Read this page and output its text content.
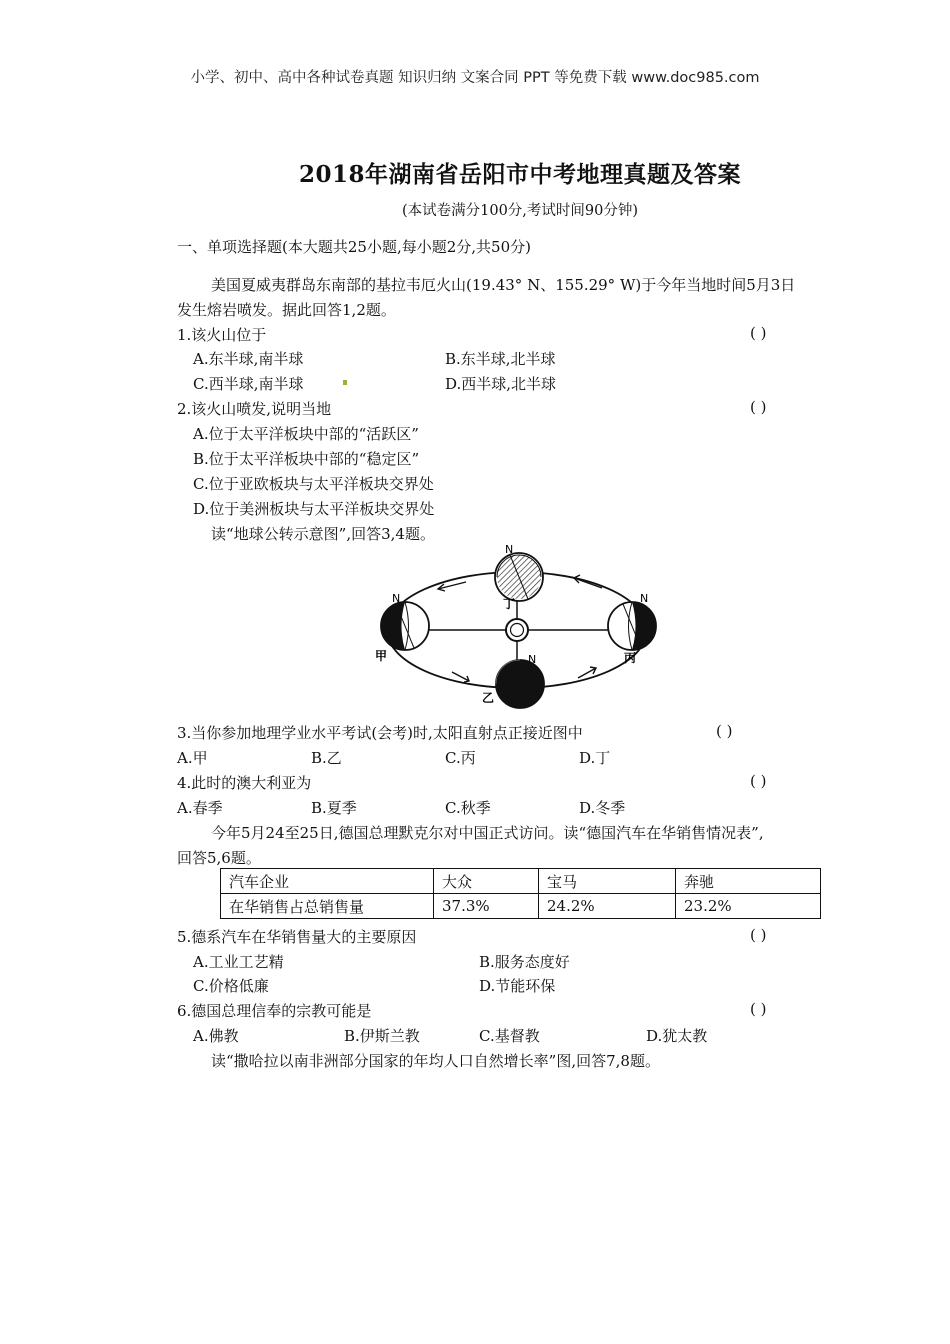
小学、初中、高中各种试卷真题 知识归纳 文案合同 PPT 等免费下载 www.doc985.com
2018年湖南省岳阳市中考地理真题及答案
(本试卷满分100分,考试时间90分钟)
一、单项选择题(本大题共25小题,每小题2分,共50分)
美国夏威夷群岛东南部的基拉韦厄火山(19.43° N、155.29° W)于今年当地时间5月3日
发生熔岩喷发。据此回答1,2题。
1.该火山位于	( )
A.东半球,南半球	B.东半球,北半球
C.西半球,南半球	D.西半球,北半球
2.该火山喷发,说明当地	( )
A.位于太平洋板块中部的“活跃区”
B.位于太平洋板块中部的“稳定区”
C.位于亚欧板块与太平洋板块交界处
D.位于美洲板块与太平洋板块交界处
读“地球公转示意图”,回答3,4题。
N
N
N
N
甲
乙
丙
丁
3.当你参加地理学业水平考试(会考)时,太阳直射点正接近图中	( )
A.甲	B.乙	C.丙	D.丁
4.此时的澳大利亚为	( )
A.春季	B.夏季	C.秋季	D.冬季
今年5月24至25日,德国总理默克尔对中国正式访问。读“德国汽车在华销售情况表”,
回答5,6题。
汽车企业	大众	宝马	奔驰
在华销售占总销售量	37.3%	24.2%	23.2%
5.德系汽车在华销售量大的主要原因	( )
A.工业工艺精	B.服务态度好
C.价格低廉	D.节能环保
6.德国总理信奉的宗教可能是	( )
A.佛教	B.伊斯兰教	C.基督教	D.犹太教
读“撒哈拉以南非洲部分国家的年均人口自然增长率”图,回答7,8题。
